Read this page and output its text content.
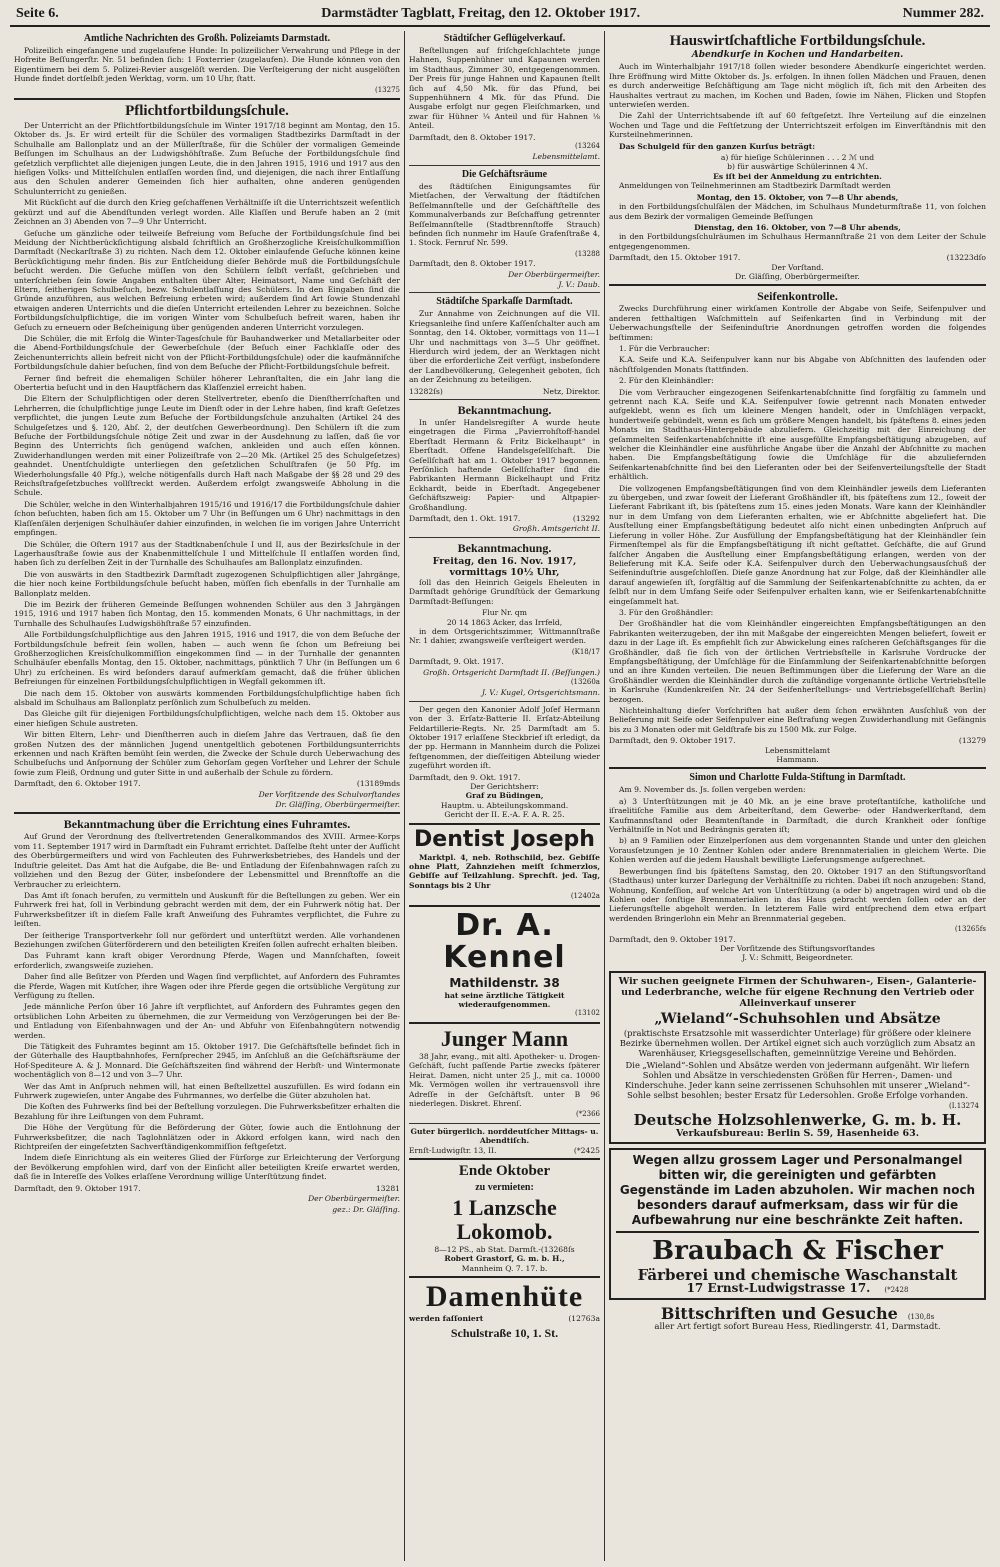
Seite 6.	Darmstädter Tagblatt, Freitag, den 12. Oktober 1917.	Nummer 282.
Amtliche Nachrichten des Großh. Polizeiamts Darmstadt.

Polizeilich eingefangene und zugelaufene Hunde: In polizeilicher Verwahrung und Pflege in der Hofreite Beſſungerſtr. Nr. 51 befinden ſich: 1 Foxterrier (zugelaufen). Die Hunde können von den Eigentümern bei dem 5. Polizei-Revier ausgelöſt werden. Die Verſteigerung der nicht ausgelöſten Hunde findet dortſelbſt jeden Werktag, vorm. um 10 Uhr, ſtatt.

(13275
Pflichtfortbildungsſchule.

Der Unterricht an der Pflichtfortbildungsſchule im Winter 1917/18 beginnt am Montag, den 15. Oktober ds. Js. Er wird erteilt für die Schüler des vormaligen Stadtbezirks Darmſtadt in der Schulhalle am Ballonplatz und an der Müllerſtraße, für die Schüler der vormaligen Gemeinde Beſſungen im Schulhaus an der Ludwigshöhſtraße. Zum Beſuche der Fortbildungsſchule ſind geſetzlich verpflichtet alle diejenigen jungen Leute, die in den Jahren 1915, 1916 und 1917 aus den hieſigen Volks- und Mittelſchulen entlaſſen worden ſind, und diejenigen, die nach ihrer Entlaſſung aus den Schulen anderer Gemeinden ſich hier aufhalten, ohne anderen genügenden Schulunterricht zu genießen.

Mit Rückſicht auf die durch den Krieg geſchaffenen Verhältniſſe iſt die Unterrichtszeit weſentlich gekürzt und auf die Abendſtunden verlegt worden. Alle Klaſſen und Berufe haben an 2 (mit Zeichnen an 3) Abenden von 7—9 Uhr Unterricht.

Geſuche um gänzliche oder teilweiſe Befreiung vom Beſuche der Fortbildungsſchule ſind bei Meidung der Nichtberückſichtigung alsbald ſchriftlich an Großherzogliche Kreisſchulkommiſſion Darmſtadt (Neckarſtraße 3) zu richten. Nach dem 12. Oktober einlaufende Geſuche können keine Berückſichtigung mehr finden. Bis zur Entſcheidung dieſer Behörde muß die Fortbildungsſchule beſucht werden. Die Geſuche müſſen von den Schülern ſelbſt verfaßt, geſchrieben und unterſchrieben ſein ſowie Angaben enthalten über Alter, Heimatsort, Name und Geſchäft der Eltern, ſeitherigen Schulbeſuch, bezw. Schulentlaſſung des Schülers. In den Eingaben ſind die Gründe anzuführen, aus welchen Befreiung erbeten wird; außerdem ſind Art ſowie Stundenzahl etwaigen anderen Unterrichts und die dieſen Unterricht erteilenden Lehrer zu bezeichnen. Solche Fortbildungsſchulpflichtige, die im vorigen Winter vom Schulbeſuch befreit waren, haben ihr Geſuch zu erneuern oder Beſcheinigung über genügenden anderen Unterricht vorzulegen.

Die Schüler, die mit Erfolg die Winter-Tagesſchule für Bauhandwerker und Metallarbeiter oder die Abend-Fortbildungsſchule der Gewerbeſchule (der Beſuch einer Fachklaſſe oder des Zeichenunterrichts allein befreit nicht von der Pflicht-Fortbildungsſchule) oder die kaufmänniſche Fortbildungsſchule dahier beſuchen, ſind von dem Beſuche der Pflicht-Fortbildungsſchule befreit.

Ferner ſind befreit die ehemaligen Schüler höherer Lehranſtalten, die ein Jahr lang die Obertertia beſucht und in den Hauptfächern das Klaſſenziel erreicht haben.

Die Eltern der Schulpflichtigen oder deren Stellvertreter, ebenſo die Dienſtherrſchaften und Lehrherren, die ſchulpflichtige junge Leute im Dienſt oder in der Lehre haben, ſind kraft Geſetzes verpflichtet, die jungen Leute zum Beſuche der Fortbildungsſchule anzuhalten (Artikel 24 des Schulgeſetzes und §. 120, Abſ. 2, der deutſchen Gewerbeordnung). Den Schülern iſt die zum Beſuche der Fortbildungsſchule nötige Zeit und zwar in der Ausdehnung zu laſſen, daß ſie vor Beginn des Unterrichts ſich genügend waſchen, ankleiden und auch eſſen können. Zuwiderhandlungen werden mit einer Polizeiſtrafe von 2—20 Mk. (Artikel 25 des Schulgeſetzes) geahndet. Unentſchuldigte unterliegen den geſetzlichen Schulſtrafen (je 50 Pfg. im Wiederholungsfalle 40 Pfg.), welche nötigenfalls durch Haft nach Maßgabe der §§ 28 und 29 des Reichsſtrafgeſetzbuches vollſtreckt werden. Außerdem erfolgt zwangsweiſe Abholung in die Schule.

Die Schüler, welche in den Winterhalbjahren 1915/16 und 1916/17 die Fortbildungsſchule dahier ſchon beſuchten, haben ſich am 15. Oktober um 7 Uhr (in Beſſungen um 6 Uhr) nachmittags in den Klaſſenſälen derjenigen Schulhäuſer dahier einzufinden, in welchen ſie im vorigen Jahre Unterricht empfingen.

Die Schüler, die Oſtern 1917 aus der Stadtknabenſchule I und II, aus der Bezirksſchule in der Lagerhausſtraße ſowie aus der Knabenmittelſchule I und Mittelſchule II entlaſſen worden ſind, haben ſich zu derſelben Zeit in der Turnhalle des Schulhauſes am Ballonplatz einzufinden.

Die von auswärts in den Stadtbezirk Darmſtadt zugezogenen Schulpflichtigen aller Jahrgänge, die hier noch keine Fortbildungsſchule beſucht haben, müſſen ſich ebenfalls in der Turnhalle am Ballonplatz melden.

Die im Bezirk der früheren Gemeinde Beſſungen wohnenden Schüler aus den 3 Jahrgängen 1915, 1916 und 1917 haben ſich Montag, den 15. kommenden Monats, 6 Uhr nachmittags, in der Turnhalle des Schulhauſes Ludwigshöhſtraße 57 einzufinden.

Alle Fortbildungsſchulpflichtige aus den Jahren 1915, 1916 und 1917, die von dem Beſuche der Fortbildungsſchule befreit ſein wollen, haben — auch wenn ſie ſchon um Befreiung bei Großherzoglichen Kreisſchulkommiſſion eingekommen ſind — in der Turnhalle der genannten Schulhäuſer ebenfalls Montag, den 15. Oktober, nachmittags, pünktlich 7 Uhr (in Beſſungen um 6 Uhr) zu erſcheinen. Es wird beſonders darauf aufmerkſam gemacht, daß die früher üblichen Befreiungen für einzelnen Fortbildungsſchulpflichtigen in Wegfall gekommen iſt.

Die nach dem 15. Oktober von auswärts kommenden Fortbildungsſchulpflichtige haben ſich alsbald im Schulhaus am Ballonplatz perſönlich zum Schulbeſuch zu melden.

Das Gleiche gilt für diejenigen Fortbildungsſchulpflichtigen, welche nach dem 15. Oktober aus einer hieſigen Schule austreten.

Wir bitten Eltern, Lehr- und Dienſtherren auch in dieſem Jahre das Vertrauen, daß ſie den großen Nutzen des der männlichen Jugend unentgeltlich gebotenen Fortbildungsunterrichts erkennen und nach Kräften bemüht ſein werden, die Zwecke der Schule durch Ueberwachung des Schulbeſuchs und Anſpornung der Schüler zum Gehorſam gegen Vorſteher und Lehrer der Schule ſowie zum Fleiß, Ordnung und guter Sitte in und außerhalb der Schule zu fördern.

Darmſtadt, den 6. Oktober 1917.	(13189mds
Der Vorſitzende des Schulvorſtandes
Dr. Gläſſing, Oberbürgermeiſter.
Bekanntmachung über die Errichtung eines Fuhramtes.

Auf Grund der Verordnung des ſtellvertretenden Generalkommandos des XVIII. Armee-Korps vom 11. September 1917 wird in Darmſtadt ein Fuhramt errichtet. Daſſelbe ſteht unter der Aufſicht des Oberbürgermeiſters und wird von Fachleuten des Fuhrwerksbetriebes, des Handels und der Induſtrie geleitet. Das Amt hat die Aufgabe, die Be- und Entladung der Eiſenbahnwagen raſch zu vollziehen und den Bezug der Güter, insbeſondere der Lebensmittel und Brennſtoffe an die Verbraucher zu erleichtern.

Das Amt iſt ſonach berufen, zu vermitteln und Auskunft für die Beſtellungen zu geben. Wer ein Fuhrwerk frei hat, ſoll in Verbindung gebracht werden mit dem, der ein Fuhrwerk nötig hat. Der Fuhrwerksbeſitzer iſt in dieſem Falle kraft Anweiſung des Fuhramtes verpflichtet, die Fuhre zu leiſten.

Der ſeitherige Transportverkehr ſoll nur gefördert und unterſtützt werden. Alle vorhandenen Beziehungen zwiſchen Güterförderern und den beteiligten Kreiſen ſollen aufrecht erhalten bleiben.

Das Fuhramt kann kraft obiger Verordnung Pferde, Wagen und Mannſchaften, ſoweit erforderlich, zwangsweiſe zuziehen.

Daher ſind alle Beſitzer von Pferden und Wagen ſind verpflichtet, auf Anfordern des Fuhramtes die Pferde, Wagen mit Kutſcher, ihre Wagen oder ihre Pferde gegen die ortsübliche Vergütung zur Verfügung zu ſtellen.

Jede männliche Perſon über 16 Jahre iſt verpflichtet, auf Anfordern des Fuhramtes gegen den ortsüblichen Lohn Arbeiten zu übernehmen, die zur Vermeidung von Verzögerungen bei der Be- und Entladung von Eiſenbahnwagen und der An- und Abfuhr von Eiſenbahngütern notwendig werden.

Die Tätigkeit des Fuhramtes beginnt am 15. Oktober 1917. Die Geſchäftsſtelle befindet ſich in der Güterhalle des Hauptbahnhofes, Fernſprecher 2945, im Anſchluß an die Geſchäftsräume der Hof-Spediteure A. & J. Monnard. Die Geſchäftszeiten ſind während der Herbſt- und Wintermonate wochentäglich von 8—12 und von 3—7 Uhr.

Wer das Amt in Anſpruch nehmen will, hat einen Beſtellzettel auszufüllen. Es wird ſodann ein Fuhrwerk zugewieſen, unter Angabe des Fuhrmannes, wo derſelbe die Güter abzuholen hat.

Die Koſten des Fuhrwerks ſind bei der Beſtellung vorzulegen. Die Fuhrwerksbeſitzer erhalten die Bezahlung für ihre Leiſtungen von dem Fuhramt.

Die Höhe der Vergütung für die Beförderung der Güter, ſowie auch die Entlohnung der Fuhrwerksbeſitzer, die nach Taglohnlätzen oder in Akkord erfolgen kann, wird nach den Richtpreiſen der eingeſetzten Sachverſtändigenkommiſſion feſtgeſetzt.

Indem dieſe Einrichtung als ein weiteres Glied der Fürſorge zur Erleichterung der Verſorgung der Bevölkerung empfohlen wird, darf von der Einſicht aller beteiligten Kreiſe erwartet werden, daß ſie in Intereſſe des Volkes erlaſſene Verordnung willige Unterſtützung findet.

Darmſtadt, den 9. Oktober 1917.	13281
Der Oberbürgermeiſter.
gez.: Dr. Gläſſing.
Städtiſcher Geflügelverkauf.

Beſtellungen auf friſchgeſchlachtete junge Hahnen, Suppenhühner und Kapaunen werden im Stadthaus, Zimmer 30, entgegengenommen. Der Preis für junge Hahnen und Kapaunen ſtellt ſich auf 4,50 Mk. für das Pfund, bei Suppenhühnern 4 Mk. für das Pfund. Die Ausgabe erfolgt nur gegen Fleiſchmarken, und zwar für Hühner ¼ Anteil und für Hahnen ⅛ Anteil.

Darmſtadt, den 8. Oktober 1917.
(13264
Lebensmittelamt.
Die Geſchäftsräume

des ſtädtiſchen Einigungsamtes für Mietſachen, der Verwaltung der ſtädtiſchen Beſſelmannſtelle und der Geſchäftſtelle des Kommunalverbands zur Beſchaffung getrennter Beſſelmannſtelle (Stadtbrennſtoffe Strauch) befinden ſich nunmehr im Hauſe Grafenſtraße 4, 1. Stock. Fernruf Nr. 599.

(13288
Darmſtadt, den 8. Oktober 1917.
Der Oberbürgermeiſter.
J. V.: Daub.
Städtiſche Sparkaſſe Darmſtadt.

Zur Annahme von Zeichnungen auf die VII. Kriegsanleihe ſind unſere Kaſſenſchalter auch am Sonntag, den 14. Oktober, vormittags von 11—1 Uhr und nachmittags von 3—5 Uhr geöffnet. Hierdurch wird jedem, der an Werktagen nicht über die erforderliche Zeit verfügt, insbeſondere der Landbevölkerung, Gelegenheit geboten, ſich an der Zeichnung zu beteiligen.

13282ſs)	Netz, Direktor.
Bekanntmachung.

In unſer Handelsregiſter A wurde heute eingetragen die Firma „Pavierrohſtoff-handel Eberſtadt Hermann & Fritz Bickelhaupt“ in Eberſtadt. Offene Handelsgeſellſchaft. Die Geſellſchaft hat am 1. Oktober 1917 begonnen. Perſönlich haftende Geſellſchafter ſind die Fabrikanten Hermann Bickelhaupt und Fritz Eckhardt, beide in Eberſtadt. Angegebener Geſchäftszweig: Papier- und Altpapier-Großhandlung.

Darmſtadt, den 1. Okt. 1917.	(13292
Großh. Amtsgericht II.
Bekanntmachung.
Freitag, den 16. Nov. 1917, vormittags 10½ Uhr,

ſoll das den Heinrich Geigels Eheleuten in Darmſtadt gehörige Grundſtück der Gemarkung Darmſtadt-Beſſungen:

Flur Nr. qm
20 14 1863 Acker, das Irrfeld,

in dem Ortsgerichtszimmer, Wittmannſtraße Nr. 1 dahier, zwangsweiſe verſteigert werden.

(K18/17
Darmſtadt, 9. Okt. 1917.
Großh. Ortsgericht Darmſtadt II. (Beſſungen.)
(13260a
J. V.: Kugel, Ortsgerichtsmann.

Der gegen den Kanonier Adolf Joſef Hermann von der 3. Erſatz-Batterie II. Erſatz-Abteilung Feldartillerie-Regts. Nr. 25 Darmſtadt am 5. Oktober 1917 erlaſſene Steckbrief iſt erledigt, da der pp. Hermann in Mannheim durch die Polizei feſtgenommen, der dieſſeitigen Abteilung wieder zugeführt worden iſt.

Darmſtadt, den 9. Okt. 1917.
Der Gerichtsherr:
Graf zu Büdingen,
Hauptm. u. Abteilungskommand.
Gericht der II. E.-A. F. A. R. 25.
Dentist Joseph

Marktpl. 4, neb. Rothschild, bez. Gebiſſe ohne Platt, Zahnziehen meiſt ſchmerzlos, Gebiſſe auf Teilzahlung. Sprechſt. jed. Tag, Sonntags bis 2 Uhr

(12402a
Dr. A. Kennel
Mathildenstr. 38
hat seine ärztliche Tätigkeit wiederaufgenommen.
(13102
Junger Mann

38 Jahr, evang., mit altl. Apotheker- u. Drogen-Geſchäft, ſucht paſſende Partie zwecks ſpäterer Heirat. Damen, nicht unter 25 J., mit ca. 10000 Mk. Vermögen wollen ihr vertrauensvoll ihre Adreſſe in der Geſchäftsſt. unter B 96 niederlegen. Diskret. Ehrenſ.

(*2366
Guter bürgerlich. norddeutſcher Mittags- u. Abendtiſch.
Ernſt-Ludwigſtr. 13, II.	(*2425
Ende Oktober
zu vermieten:
1 Lanzsche Lokomob.
8—12 PS., ab Stat. Darmſt.-(13268ſs
Robert Grastorf, G. m. b. H.,
Mannheim Q. 7. 17. b.
Damenhüte
werden faſſoniert	(12763a
Schulstraße 10, 1. St.
Hauswirtſchaftliche Fortbildungsſchule.
Abendkurſe in Kochen und Handarbeiten.

Auch im Winterhalbjahr 1917/18 ſollen wieder besondere Abendkurſe eingerichtet werden. Ihre Eröffnung wird Mitte Oktober ds. Js. erfolgen. In ihnen ſollen Mädchen und Frauen, denen es durch anderweitige Beſchäftigung am Tage nicht möglich iſt, ſich mit den Arbeiten des Haushaltes vertraut zu machen, im Kochen und Baden, ſowie im Nähen, Flicken und Stopfen unterwieſen werden.

Die Zahl der Unterrichtsabende iſt auf 60 feſtgeſetzt. Ihre Verteilung auf die einzelnen Wochen und Tage und die Feſtſetzung der Unterrichtszeit erfolgen im Einverſtändnis mit den Kursteilnehmerinnen.

Das Schulgeld für den ganzen Kurſus beträgt:

a) für hieſige Schülerinnen . . . 2 ℳ und
b) für auswärtige Schülerinnen 4 ℳ.
Es iſt bei der Anmeldung zu entrichten.

Anmeldungen von Teilnehmerinnen am Stadtbezirk Darmſtadt werden

Montag, den 15. Oktober, von 7—8 Uhr abends,

in den Fortbildungsſchulſälen der Mädchen, im Schulhaus Mundeturmſtraße 11, von ſolchen aus dem Bezirk der vormaligen Gemeinde Beſſungen

Dienstag, den 16. Oktober, von 7—8 Uhr abends,

in den Fortbildungsſchulräumen im Schulhaus Hermannſtraße 21 von dem Leiter der Schule entgegengenommen.

Darmſtadt, den 15. Oktober 1917.	(13223dſo
Der Vorſtand.
Dr. Gläſſing, Oberbürgermeiſter.
Seifenkontrolle.

Zwecks Durchführung einer wirkſamen Kontrolle der Abgabe von Seife, Seifenpulver und anderen fetthaltigen Waſchmitteln auf Seifenkarten ſind in Verbindung mit der Ueberwachungsſtelle der Seifeninduſtrie Anordnungen getroffen worden die folgendes beſtimmen:

1. Für die Verbraucher:

K.A. Seife und K.A. Seifenpulver kann nur bis Abgabe von Abſchnitten des laufenden oder nächſtfolgenden Monats ſtattfinden.

2. Für den Kleinhändler:

Die vom Verbraucher eingezogenen Seifenkartenabſchnitte ſind ſorgfältig zu ſammeln und getrennt nach K.A. Seife und K.A. Seifenpulver ſowie getrennt nach Monaten entweder aufgeklebt, wenn es ſich um kleinere Mengen handelt, oder in Umſchlägen verpackt, hundertweiſe gebündelt, wenn es ſich um größere Mengen handelt, bis ſpäteſtens 8. eines jeden Monats im Stadthaus-Hintergebäude abzuliefern. Gleichzeitig mit der Einreichung der geſammelten Seifenkartenabſchnitte iſt eine ausgefüllte Empfangsbeſtätigung abzugeben, auf welcher die Kleinhändler eine ausführliche Angabe über die Anzahl der Abſchnitte zu machen haben. Die Empfangsbeſtätigung ſowie die Umſchläge für die abzuliefernden Seifenkartenabſchnitte ſind bei den Lieferanten oder bei der Seifenverteilungsſtelle der Stadt erhältlich.

Die vollzogenen Empfangsbeſtätigungen ſind von dem Kleinhändler jeweils dem Lieferanten zu übergeben, und zwar ſoweit der Lieferant Großhändler iſt, bis ſpäteſtens zum 12., ſoweit der Lieferant Fabrikant iſt, bis ſpäteſtens zum 15. eines jeden Monats. Ware kann der Kleinhändler nur in dem Umfang von dem Lieferanten erhalten, wie er Abſchnitte abgeliefert hat. Die Ausſtellung einer Empfangsbeſtätigung bedeutet alſo nicht einen unbedingten Anſpruch auf Lieferung in voller Höhe. Zur Ausfüllung der Empfangsbeſtätigung hat der Kleinhändler ſein Firmenſtempel als für die Empfangsbeſtätigung iſt nicht geſtattet. Geſchäfte, die auf Grund falſcher Angaben die Ausſtellung einer Empfangsbeſtätigung erlangen, werden von der Belieferung mit K.A. Seife oder K.A. Seifenpulver durch den Ueberwachungsausſchuß der Seifeninduſtrie ausgeſchloſſen. Dieſe ganze Anordnung hat zur Folge, daß der Kleinhändler alle darauf angewieſen iſt, ſorgfältig auf die Sammlung der Seifenkartenabſchnitte zu achten, da er ſelbſt nur in dem Umfang Seife oder Seifenpulver erhalten kann, wie er Seifenkartenabſchnitte eingeſammelt hat.

3. Für den Großhändler:

Der Großhändler hat die vom Kleinhändler eingereichten Empfangsbeſtätigungen an den Fabrikanten weiterzugeben, der ihn mit Maßgabe der eingereichten Mengen beliefert, ſoweit er dazu in der Lage iſt. Es empfiehlt ſich zur Abwickelung eines raſcheren Geſchäftsganges für die Großhändler, daß ſie ſich von der örtlichen Vertriebsſtelle in Karlsruhe Vordrucke der Empfangsbeſtätigung, der Umſchläge für die Einſammlung der Seifenkartenabſchnitte beſorgen und an ihre Kunden verteilen. Die neuen Beſtimmungen über die Lieferung der Ware an die Großhändler werden die Kleinhändler durch die zuſtändige vorgenannte örtliche Vertriebsſtelle in Karlsruhe (Kundenkreiſen Nr. 24 der Seifenherſtellungs- und Vertriebsgeſellſchaft Berlin) bezogen.

Nichteinhaltung dieſer Vorſchriften hat außer dem ſchon erwähnten Ausſchluß von der Belieferung mit Seife oder Seifenpulver eine Beſtrafung wegen Zuwiderhandlung mit Gefängnis bis zu 3 Monaten oder mit Geldſtrafe bis zu 1500 Mk. zur Folge.

Darmſtadt, den 9. Oktober 1917.	(13279
Lebensmittelamt
Hammann.
Simon und Charlotte Fulda-Stiftung in Darmſtadt.

Am 9. November ds. Js. ſollen vergeben werden:

a) 3 Unterſtützungen mit je 40 Mk. an je eine brave proteſtantiſche, katholiſche und iſraelitiſche Familie aus dem Arbeiterſtand, dem Gewerbe- oder Handwerkerſtand, dem Kaufmannsſtand oder Beamtenſtande in Darmſtadt, die durch Krankheit oder ſonſtige Verhältniſſe in Not und Bedrängnis geraten iſt;

b) an 9 Familien oder Einzelperſonen aus dem vorgenannten Stande und unter den gleichen Vorausſetzungen je 10 Zentner Kohlen oder andere Brennmaterialien in gleichem Werte. Die Kohlen werden auf die jedem Haushalt bewilligte Lieferungsmenge aufgerechnet.

Bewerbungen ſind bis ſpäteſtens Samstag, den 20. Oktober 1917 an den Stiftungsvorſtand (Stadthaus) unter kurzer Darlegung der Verhältniſſe zu richten. Dabei iſt noch anzugeben: Stand, Wohnung, Konfeſſion, auf welche Art von Unterſtützung (a oder b) angetragen wird und ob die Kohlen oder ſonſtige Brennmaterialien in das Haus gebracht werden ſollen oder an der Lieferungsſtelle abgeholt werden. In letzterem Falle wird entſprechend dem etwa erſpart werdenden Bringerlohn ein Mehr an Brennmaterial gegeben.

(13265fs
Darmſtadt, den 9. Oktober 1917.
Der Vorſitzende des Stiftungsvorſtandes
J. V.: Schmitt, Beigeordneter.

Wir suchen geeignete Firmen der Schuhwaren-, Eisen-, Galanterie- und Lederbranche, welche für eigene Rechnung den Vertrieb oder Alleinverkauf unserer

„Wieland“-Schuhsohlen und Absätze

(praktischste Ersatzsohle mit wasserdichter Unterlage) für größere oder kleinere Bezirke übernehmen wollen. Der Artikel eignet sich auch vorzüglich zum Absatz an Warenhäuser, Kriegsgesellschaften, gemeinnützige Vereine und Behörden.

Die „Wieland“-Sohlen und Absätze werden von jedermann aufgenäht. Wir liefern Sohlen und Absätze in verschiedensten Größen für Herren-, Damen- und Kinderschuhe. Jeder kann seine zerrissenen Schuhsohlen mit unserer „Wieland“-Sohle selbst besohlen; bester Ersatz für Ledersohlen. Große Erfolge vorhanden.

(I.13274
Deutsche Holzsohlenwerke, G. m. b. H.
Verkaufsbureau: Berlin S. 59, Hasenheide 63.

Wegen allzu grossem Lager und Personalmangel bitten wir, die gereinigten und gefärbten Gegenstände im Laden abzuholen. Wir machen noch besonders darauf aufmerksam, dass wir für die Aufbewahrung nur eine beschränkte Zeit haften.

Braubach & Fischer
Färberei und chemische Waschanstalt
17 Ernst-Ludwigstrasse 17. (*2428
Bittschriften und Gesuche (130,8s
aller Art fertigt sofort Bureau Hess, Riedlingerstr. 41, Darmstadt.
